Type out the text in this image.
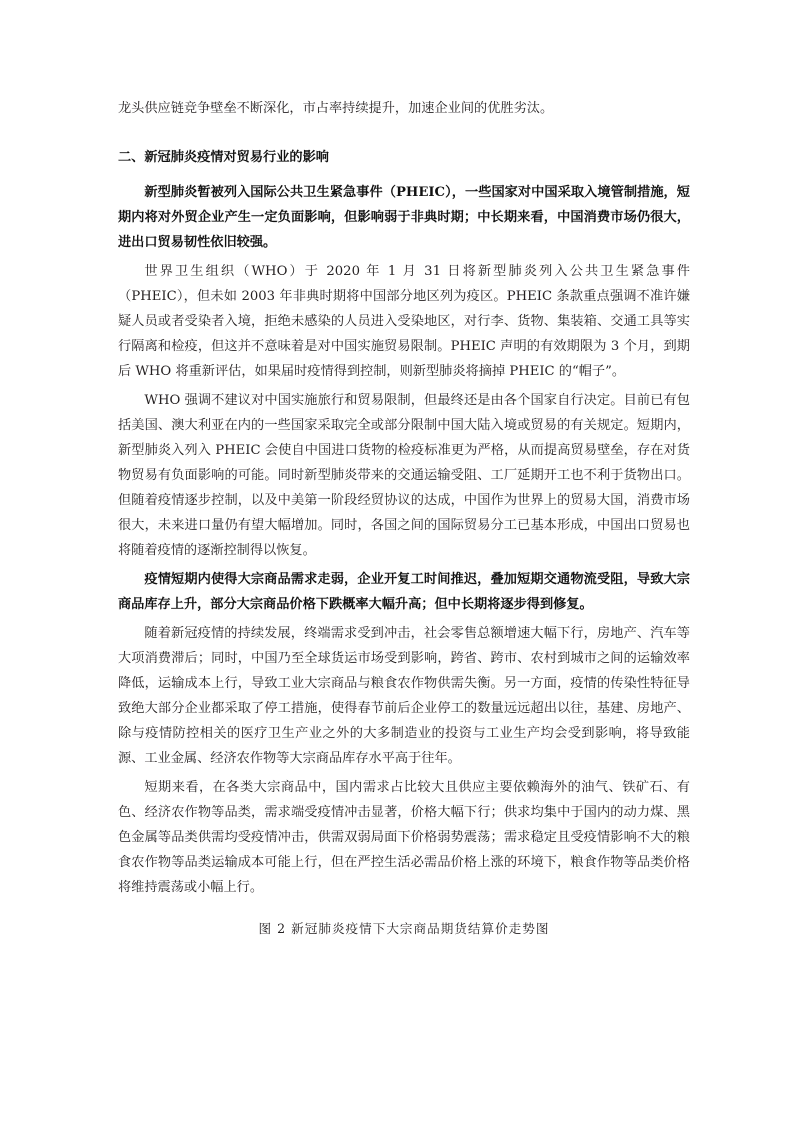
龙头供应链竞争壁垒不断深化，市占率持续提升，加速企业间的优胜劣汰。

二、新冠肺炎疫情对贸易行业的影响

新型肺炎暂被列入国际公共卫生紧急事件（PHEIC），一些国家对中国采取入境管制措施，短期内将对外贸企业产生一定负面影响，但影响弱于非典时期；中长期来看，中国消费市场仍很大，进出口贸易韧性依旧较强。

世界卫生组织（WHO）于 2020 年 1 月 31 日将新型肺炎列入公共卫生紧急事件（PHEIC），但未如 2003 年非典时期将中国部分地区列为疫区。PHEIC 条款重点强调不准许嫌疑人员或者受染者入境，拒绝未感染的人员进入受染地区，对行李、货物、集装箱、交通工具等实行隔离和检疫，但这并不意味着是对中国实施贸易限制。PHEIC 声明的有效期限为 3 个月，到期后 WHO 将重新评估，如果届时疫情得到控制，则新型肺炎将摘掉 PHEIC 的“帽子”。

WHO 强调不建议对中国实施旅行和贸易限制，但最终还是由各个国家自行决定。目前已有包括美国、澳大利亚在内的一些国家采取完全或部分限制中国大陆入境或贸易的有关规定。短期内，新型肺炎入列入 PHEIC 会使自中国进口货物的检疫标准更为严格，从而提高贸易壁垒，存在对货物贸易有负面影响的可能。同时新型肺炎带来的交通运输受阻、工厂延期开工也不利于货物出口。但随着疫情逐步控制，以及中美第一阶段经贸协议的达成，中国作为世界上的贸易大国，消费市场很大，未来进口量仍有望大幅增加。同时，各国之间的国际贸易分工已基本形成，中国出口贸易也将随着疫情的逐渐控制得以恢复。

疫情短期内使得大宗商品需求走弱，企业开复工时间推迟，叠加短期交通物流受阻，导致大宗商品库存上升，部分大宗商品价格下跌概率大幅升高；但中长期将逐步得到修复。

随着新冠疫情的持续发展，终端需求受到冲击，社会零售总额增速大幅下行，房地产、汽车等大项消费滞后；同时，中国乃至全球货运市场受到影响，跨省、跨市、农村到城市之间的运输效率降低，运输成本上行，导致工业大宗商品与粮食农作物供需失衡。另一方面，疫情的传染性特征导致绝大部分企业都采取了停工措施，使得春节前后企业停工的数量远远超出以往，基建、房地产、除与疫情防控相关的医疗卫生产业之外的大多制造业的投资与工业生产均会受到影响，将导致能源、工业金属、经济农作物等大宗商品库存水平高于往年。

短期来看，在各类大宗商品中，国内需求占比较大且供应主要依赖海外的油气、铁矿石、有色、经济农作物等品类，需求端受疫情冲击显著，价格大幅下行；供求均集中于国内的动力煤、黑色金属等品类供需均受疫情冲击，供需双弱局面下价格弱势震荡；需求稳定且受疫情影响不大的粮食农作物等品类运输成本可能上行，但在严控生活必需品价格上涨的环境下，粮食作物等品类价格将维持震荡或小幅上行。

图 2 新冠肺炎疫情下大宗商品期货结算价走势图
